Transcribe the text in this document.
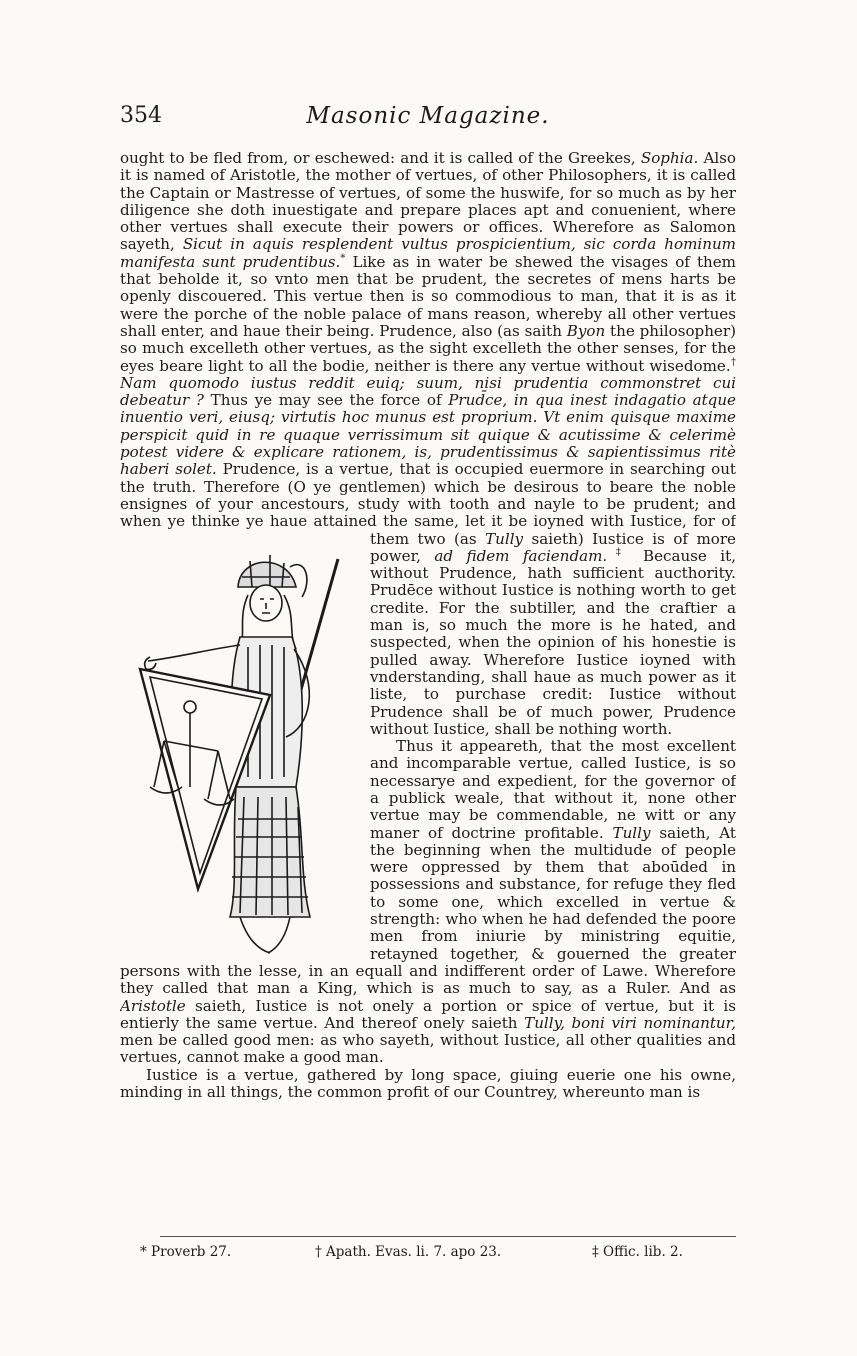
354	Masonic Magazine.

ought to be fled from, or eschewed: and it is called of the Greekes, Sophia. Also it is named of Aristotle, the mother of vertues, of other Philosophers, it is called the Captain or Mastresse of vertues, of some the huswife, for so much as by her diligence she doth inuestigate and prepare places apt and conuenient, where other vertues shall execute their powers or offices. Wherefore as Salomon sayeth, Sicut in aquis resplendent vultus prospicientium, sic corda hominum manifesta sunt prudentibus.* Like as in water be shewed the visages of them that beholde it, so vnto men that be prudent, the secretes of mens harts be openly discouered. This vertue then is so commodious to man, that it is as it were the porche of the noble palace of mans reason, whereby all other vertues shall enter, and haue their being. Prudence, also (as saith Byon the philosopher) so much excelleth other vertues, as the sight excelleth the other senses, for the eyes beare light to all the bodie, neither is there any vertue without wisedome.† Nam quomodo iustus reddit euiq; suum, nisi prudentia commonstret cui debeatur ? Thus ye may see the force of Prud̄ce, in qua inest indagatio atque inuentio veri, eiusq; virtutis hoc munus est proprium. Vt enim quisque maxime perspicit quid in re quaque verrissimum sit quique & acutissime & celerimè potest videre & explicare rationem, is, prudentissimus & sapientissimus ritè haberi solet. Prudence, is a vertue, that is occupied euermore in searching out the truth. Therefore (O ye gentlemen) which be desirous to beare the noble ensignes of your ancestours, study with tooth and nayle to be prudent; and when ye thinke ye haue attained the same, let it be ioyned with Iustice, for of them two (as Tully saieth) Iustice is of more power, ad fidem faciendam.‡ Because it, without Prudence, hath sufficient aucthority. Prudēce without Iustice is nothing worth to get credite. For the subtiller, and the craftier a man is, so much the more is he hated, and suspected, when the opinion of his honestie is pulled away. Wherefore Iustice ioyned with vnderstanding, shall haue as much power as it liste, to purchase credit: Iustice without Prudence shall be of much power, Prudence without Iustice, shall be nothing worth.

Thus it appeareth, that the most excellent and incomparable vertue, called Iustice, is so necessarye and expedient, for the governor of a publick weale, that without it, none other vertue may be commendable, ne witt or any maner of doctrine profitable. Tully saieth, At the beginning when the multidude of people were oppressed by them that aboūded in possessions and substance, for refuge they fled to some one, which excelled in vertue & strength: who when he had defended the poore men from iniurie by ministring equitie, retayned together, & gouerned the greater persons with the lesse, in an equall and indifferent order of Lawe. Wherefore they called that man a King, which is as much to say, as a Ruler. And as Aristotle saieth, Iustice is not onely a portion or spice of vertue, but it is entierly the same vertue. And thereof onely saieth Tully, boni viri nominantur, men be called good men: as who sayeth, without Iustice, all other qualities and vertues, cannot make a good man.

Iustice is a vertue, gathered by long space, giuing euerie one his owne, minding in all things, the common profit of our Countrey, whereunto man is

* Proverb 27.	† Apath. Evas. li. 7. apo 23.	‡ Offic. lib. 2.
